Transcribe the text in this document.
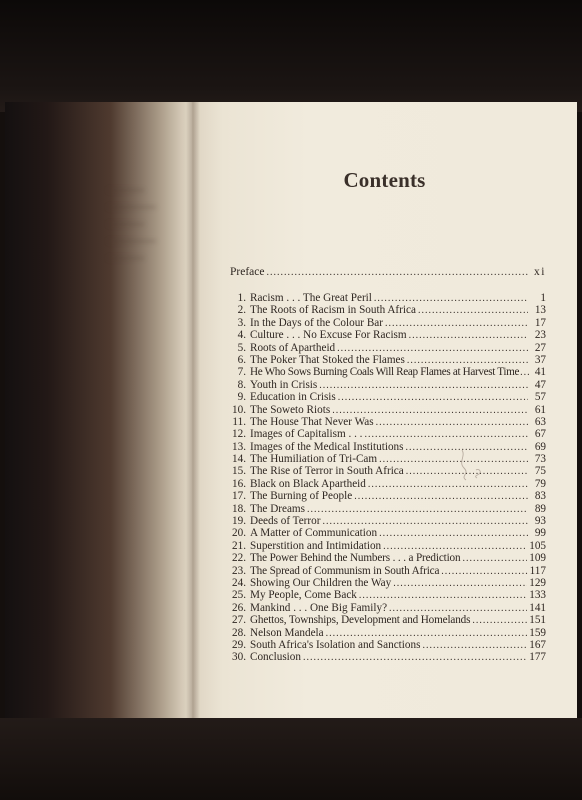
▬▬▬
▬▬▬▬
▬▬▬
▬▬▬▬
▬▬▬
Contents
Preface .....	xi
1. Racism . . . The Great Peril .....	1
2. The Roots of Racism in South Africa .....	13
3. In the Days of the Colour Bar .....	17
4. Culture . . . No Excuse For Racism .....	23
5. Roots of Apartheid .....	27
6. The Poker That Stoked the Flames .....	37
7. He Who Sows Burning Coals Will Reap Flames at Harvest Time .....	41
8. Youth in Crisis .....	47
9. Education in Crisis .....	57
10. The Soweto Riots .....	61
11. The House That Never Was .....	63
12. Images of Capitalism . . . .....	67
13. Images of the Medical Institutions .....	69
14. The Humiliation of Tri-Cam .....	73
15. The Rise of Terror in South Africa .....	75
16. Black on Black Apartheid .....	79
17. The Burning of People .....	83
18. The Dreams .....	89
19. Deeds of Terror .....	93
20. A Matter of Communication .....	99
21. Superstition and Intimidation .....	105
22. The Power Behind the Numbers . . . a Prediction .....	109
23. The Spread of Communism in South Africa .....	117
24. Showing Our Children the Way .....	129
25. My People, Come Back .....	133
26. Mankind . . . One Big Family? .....	141
27. Ghettos, Townships, Development and Homelands .....	151
28. Nelson Mandela .....	159
29. South Africa's Isolation and Sanctions .....	167
30. Conclusion .....	177
